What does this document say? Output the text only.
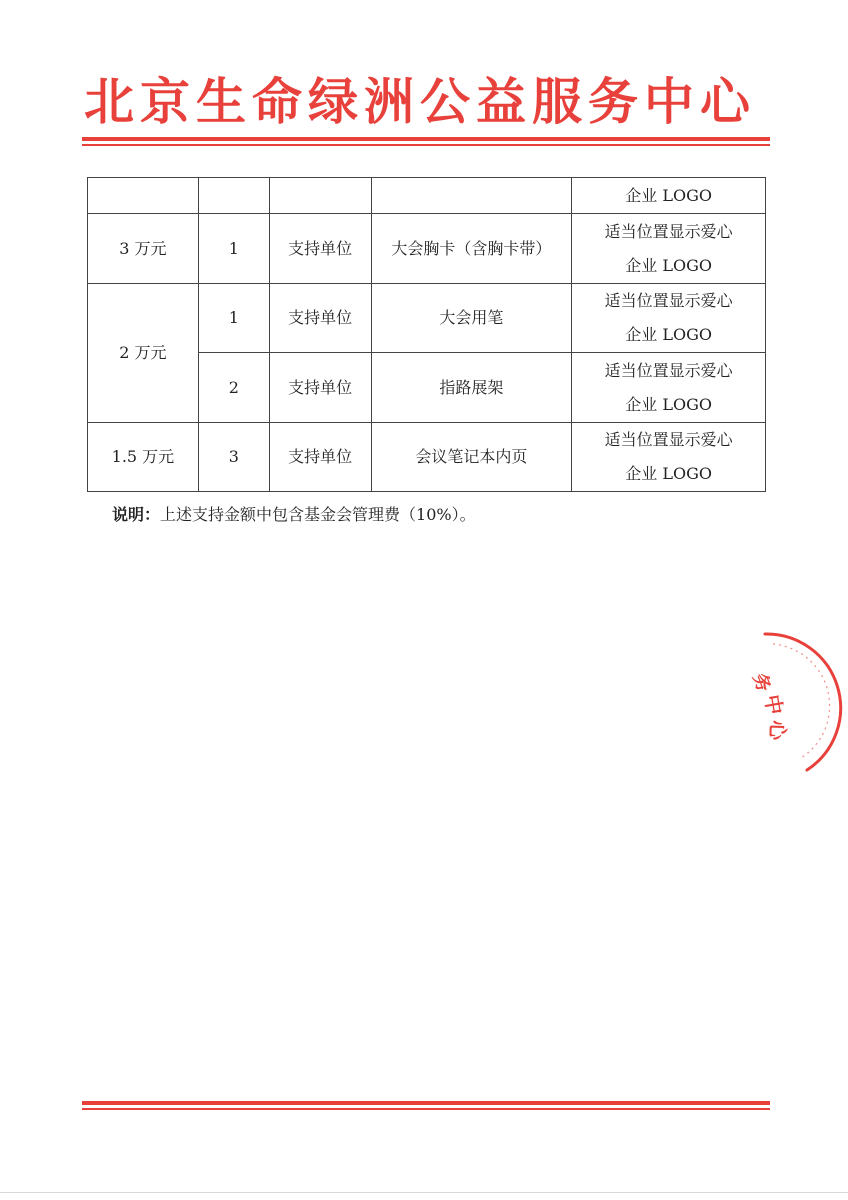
北京生命绿洲公益服务中心
				企业 LOGO
3 万元	1	支持单位	大会胸卡（含胸卡带）	适当位置显示爱心
企业 LOGO

2 万元	1	支持单位	大会用笔	适当位置显示爱心
企业 LOGO

	2	支持单位	指路展架	适当位置显示爱心
企业 LOGO

1.5 万元	3	支持单位	会议笔记本内页	适当位置显示爱心
企业 LOGO
说明：上述支持金额中包含基金会管理费（10%）。
务
中
心
